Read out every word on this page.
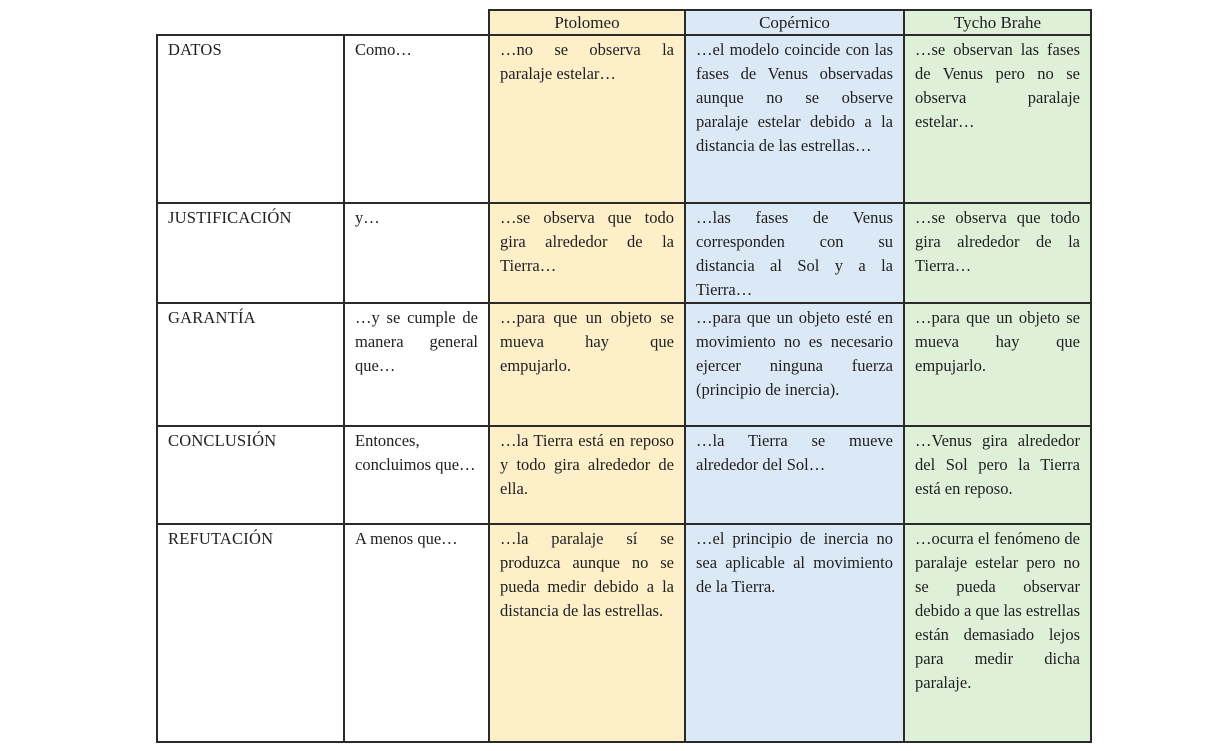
		Ptolomeo	Copérnico	Tycho Brahe
DATOS	Como…	…no se observa la paralaje estelar…	…el modelo coincide con las fases de Venus observadas aunque no se observe paralaje estelar debido a la distancia de las estrellas…	…se observan las fases de Venus pero no se observa paralaje estelar…
JUSTIFICACIÓN	y…	…se observa que todo gira alrededor de la Tierra…	…las fases de Venus corresponden con su distancia al Sol y a la Tierra…	…se observa que todo gira alrededor de la Tierra…
GARANTÍA	…y se cumple de manera general que…	…para que un objeto se mueva hay que empujarlo.	…para que un objeto esté en movimiento no es necesario ejercer ninguna fuerza (principio de inercia).	…para que un objeto se mueva hay que empujarlo.
CONCLUSIÓN	Entonces, concluimos que…	…la Tierra está en reposo y todo gira alrededor de ella.	…la Tierra se mueve alrededor del Sol…	…Venus gira alrededor del Sol pero la Tierra está en reposo.
REFUTACIÓN	A menos que…	…la paralaje sí se produzca aunque no se pueda medir debido a la distancia de las estrellas.	…el principio de inercia no sea aplicable al movimiento de la Tierra.	…ocurra el fenómeno de paralaje estelar pero no se pueda observar debido a que las estrellas están demasiado lejos para medir dicha paralaje.
